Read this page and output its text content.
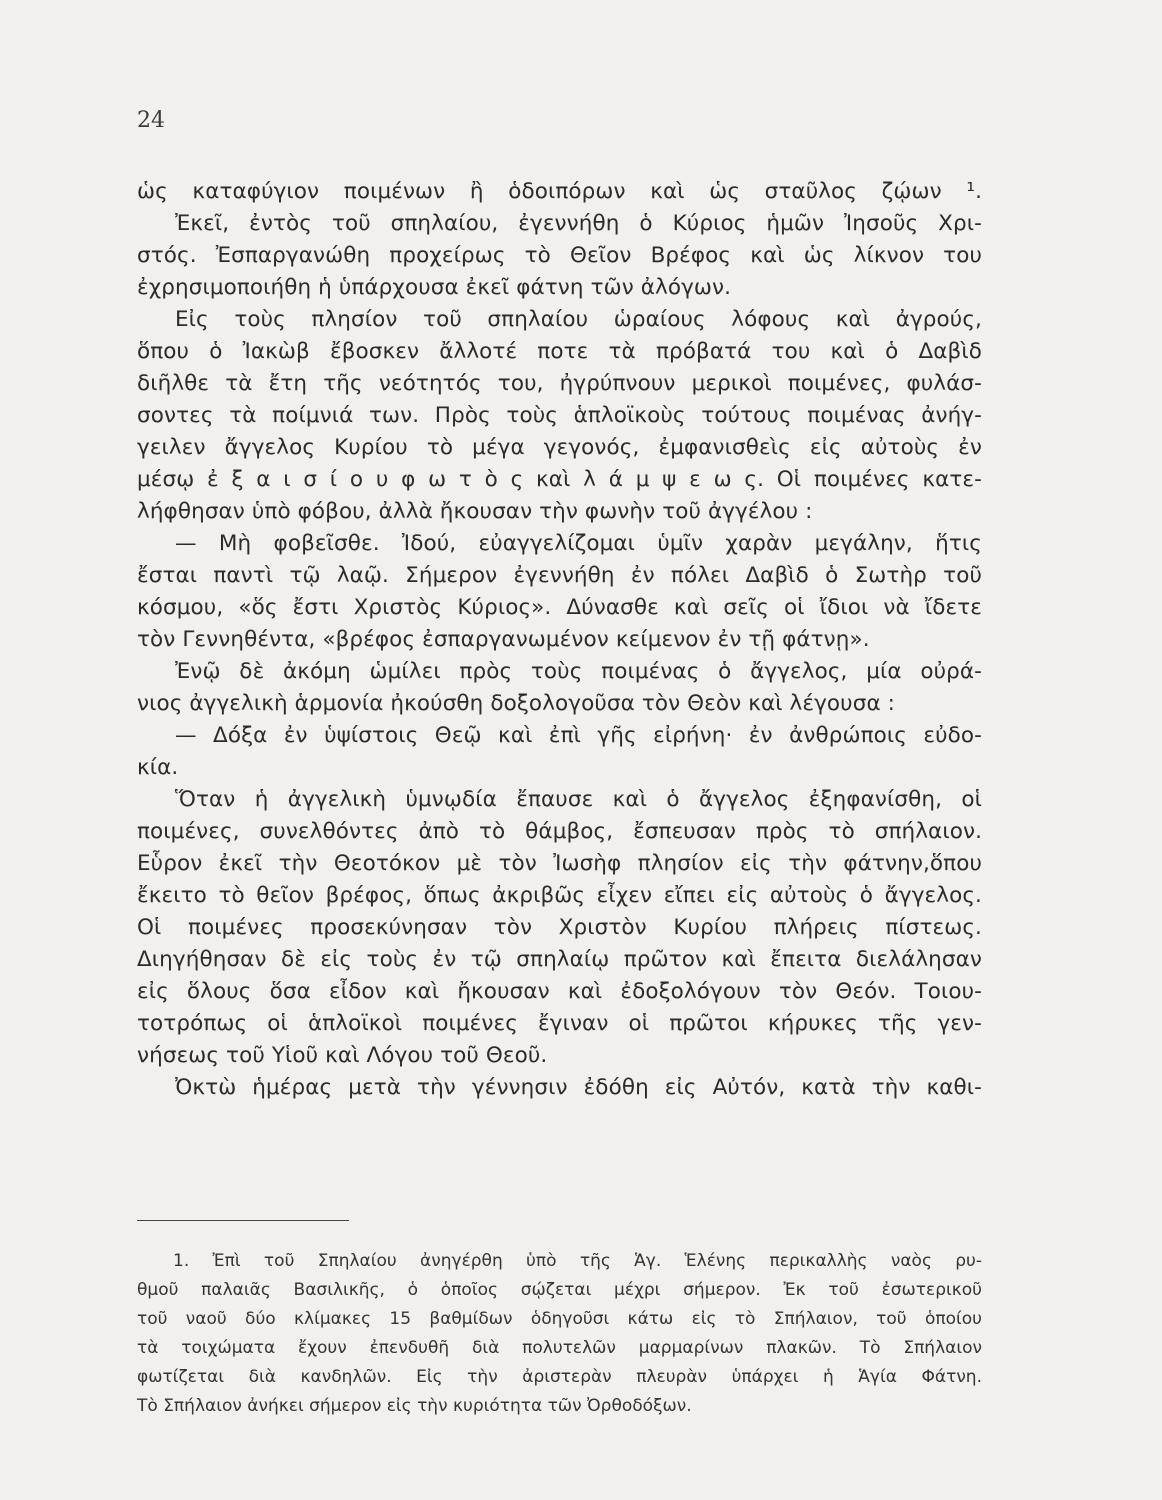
24
ὡς καταφύγιον ποιμένων ἢ ὁδοιπόρων καὶ ὡς σταῦλος ζῴων ¹.
Ἐκεῖ, ἐντὸς τοῦ σπηλαίου, ἐγεννήθη ὁ Κύριος ἡμῶν Ἰησοῦς Χρι-
στός. Ἐσπαργανώθη προχείρως τὸ Θεῖον Βρέφος καὶ ὡς λίκνον του
ἐχρησιμοποιήθη ἡ ὑπάρχουσα ἐκεῖ φάτνη τῶν ἀλόγων.
Εἰς τοὺς πλησίον τοῦ σπηλαίου ὡραίους λόφους καὶ ἀγρούς,
ὅπου ὁ Ἰακὼβ ἔβοσκεν ἄλλοτέ ποτε τὰ πρόβατά του καὶ ὁ Δαβὶδ
διῆλθε τὰ ἔτη τῆς νεότητός του, ἠγρύπνουν μερικοὶ ποιμένες, φυλάσ-
σοντες τὰ ποίμνιά των. Πρὸς τοὺς ἁπλοϊκοὺς τούτους ποιμένας ἀνήγ-
γειλεν ἄγγελος Κυρίου τὸ μέγα γεγονός, ἐμφανισθεὶς εἰς αὐτοὺς ἐν
μέσῳ ἐ ξ α ι σ ί ο υ φ ω τ ὸ ς καὶ λ ά μ ψ ε ω ς. Οἱ ποιμένες κατε-
λήφθησαν ὑπὸ φόβου, ἀλλὰ ἤκουσαν τὴν φωνὴν τοῦ ἀγγέλου :
— Μὴ φοβεῖσθε. Ἰδού, εὐαγγελίζομαι ὑμῖν χαρὰν μεγάλην, ἥτις
ἔσται παντὶ τῷ λαῷ. Σήμερον ἐγεννήθη ἐν πόλει Δαβὶδ ὁ Σωτὴρ τοῦ
κόσμου, «ὅς ἔστι Χριστὸς Κύριος». Δύνασθε καὶ σεῖς οἱ ἴδιοι νὰ ἴδετε
τὸν Γεννηθέντα, «βρέφος ἐσπαργανωμένον κείμενον ἐν τῇ φάτνῃ».
Ἐνῷ δὲ ἀκόμη ὡμίλει πρὸς τοὺς ποιμένας ὁ ἄγγελος, μία οὐρά-
νιος ἀγγελικὴ ἁρμονία ἠκούσθη δοξολογοῦσα τὸν Θεὸν καὶ λέγουσα :
— Δόξα ἐν ὑψίστοις Θεῷ καὶ ἐπὶ γῆς εἰρήνη· ἐν ἀνθρώποις εὐδο-
κία.
Ὅταν ἡ ἀγγελικὴ ὑμνῳδία ἔπαυσε καὶ ὁ ἄγγελος ἐξηφανίσθη, οἱ
ποιμένες, συνελθόντες ἀπὸ τὸ θάμβος, ἔσπευσαν πρὸς τὸ σπήλαιον.
Εὗρον ἐκεῖ τὴν Θεοτόκον μὲ τὸν Ἰωσὴφ πλησίον εἰς τὴν φάτνην,ὅπου
ἔκειτο τὸ θεῖον βρέφος, ὅπως ἀκριβῶς εἶχεν εἴπει εἰς αὐτοὺς ὁ ἄγγελος.
Οἱ ποιμένες προσεκύνησαν τὸν Χριστὸν Κυρίου πλήρεις πίστεως.
Διηγήθησαν δὲ εἰς τοὺς ἐν τῷ σπηλαίῳ πρῶτον καὶ ἔπειτα διελάλησαν
εἰς ὅλους ὅσα εἶδον καὶ ἤκουσαν καὶ ἐδοξολόγουν τὸν Θεόν. Τοιου-
τοτρόπως οἱ ἁπλοϊκοὶ ποιμένες ἔγιναν οἱ πρῶτοι κήρυκες τῆς γεν-
νήσεως τοῦ Υἱοῦ καὶ Λόγου τοῦ Θεοῦ.
Ὀκτὼ ἡμέρας μετὰ τὴν γέννησιν ἐδόθη εἰς Αὐτόν, κατὰ τὴν καθι-
1. Ἐπὶ τοῦ Σπηλαίου ἀνηγέρθη ὑπὸ τῆς Ἁγ. Ἑλένης περικαλλὴς ναὸς ρυ-
θμοῦ παλαιᾶς Βασιλικῆς, ὁ ὁποῖος σῴζεται μέχρι σήμερον. Ἐκ τοῦ ἐσωτερικοῦ
τοῦ ναοῦ δύο κλίμακες 15 βαθμίδων ὁδηγοῦσι κάτω εἰς τὸ Σπήλαιον, τοῦ ὁποίου
τὰ τοιχώματα ἔχουν ἐπενδυθῆ διὰ πολυτελῶν μαρμαρίνων πλακῶν. Τὸ Σπήλαιον
φωτίζεται διὰ κανδηλῶν. Εἰς τὴν ἀριστερὰν πλευρὰν ὑπάρχει ἡ Ἁγία Φάτνη.
Τὸ Σπήλαιον ἀνήκει σήμερον εἰς τὴν κυριότητα τῶν Ὀρθοδόξων.
